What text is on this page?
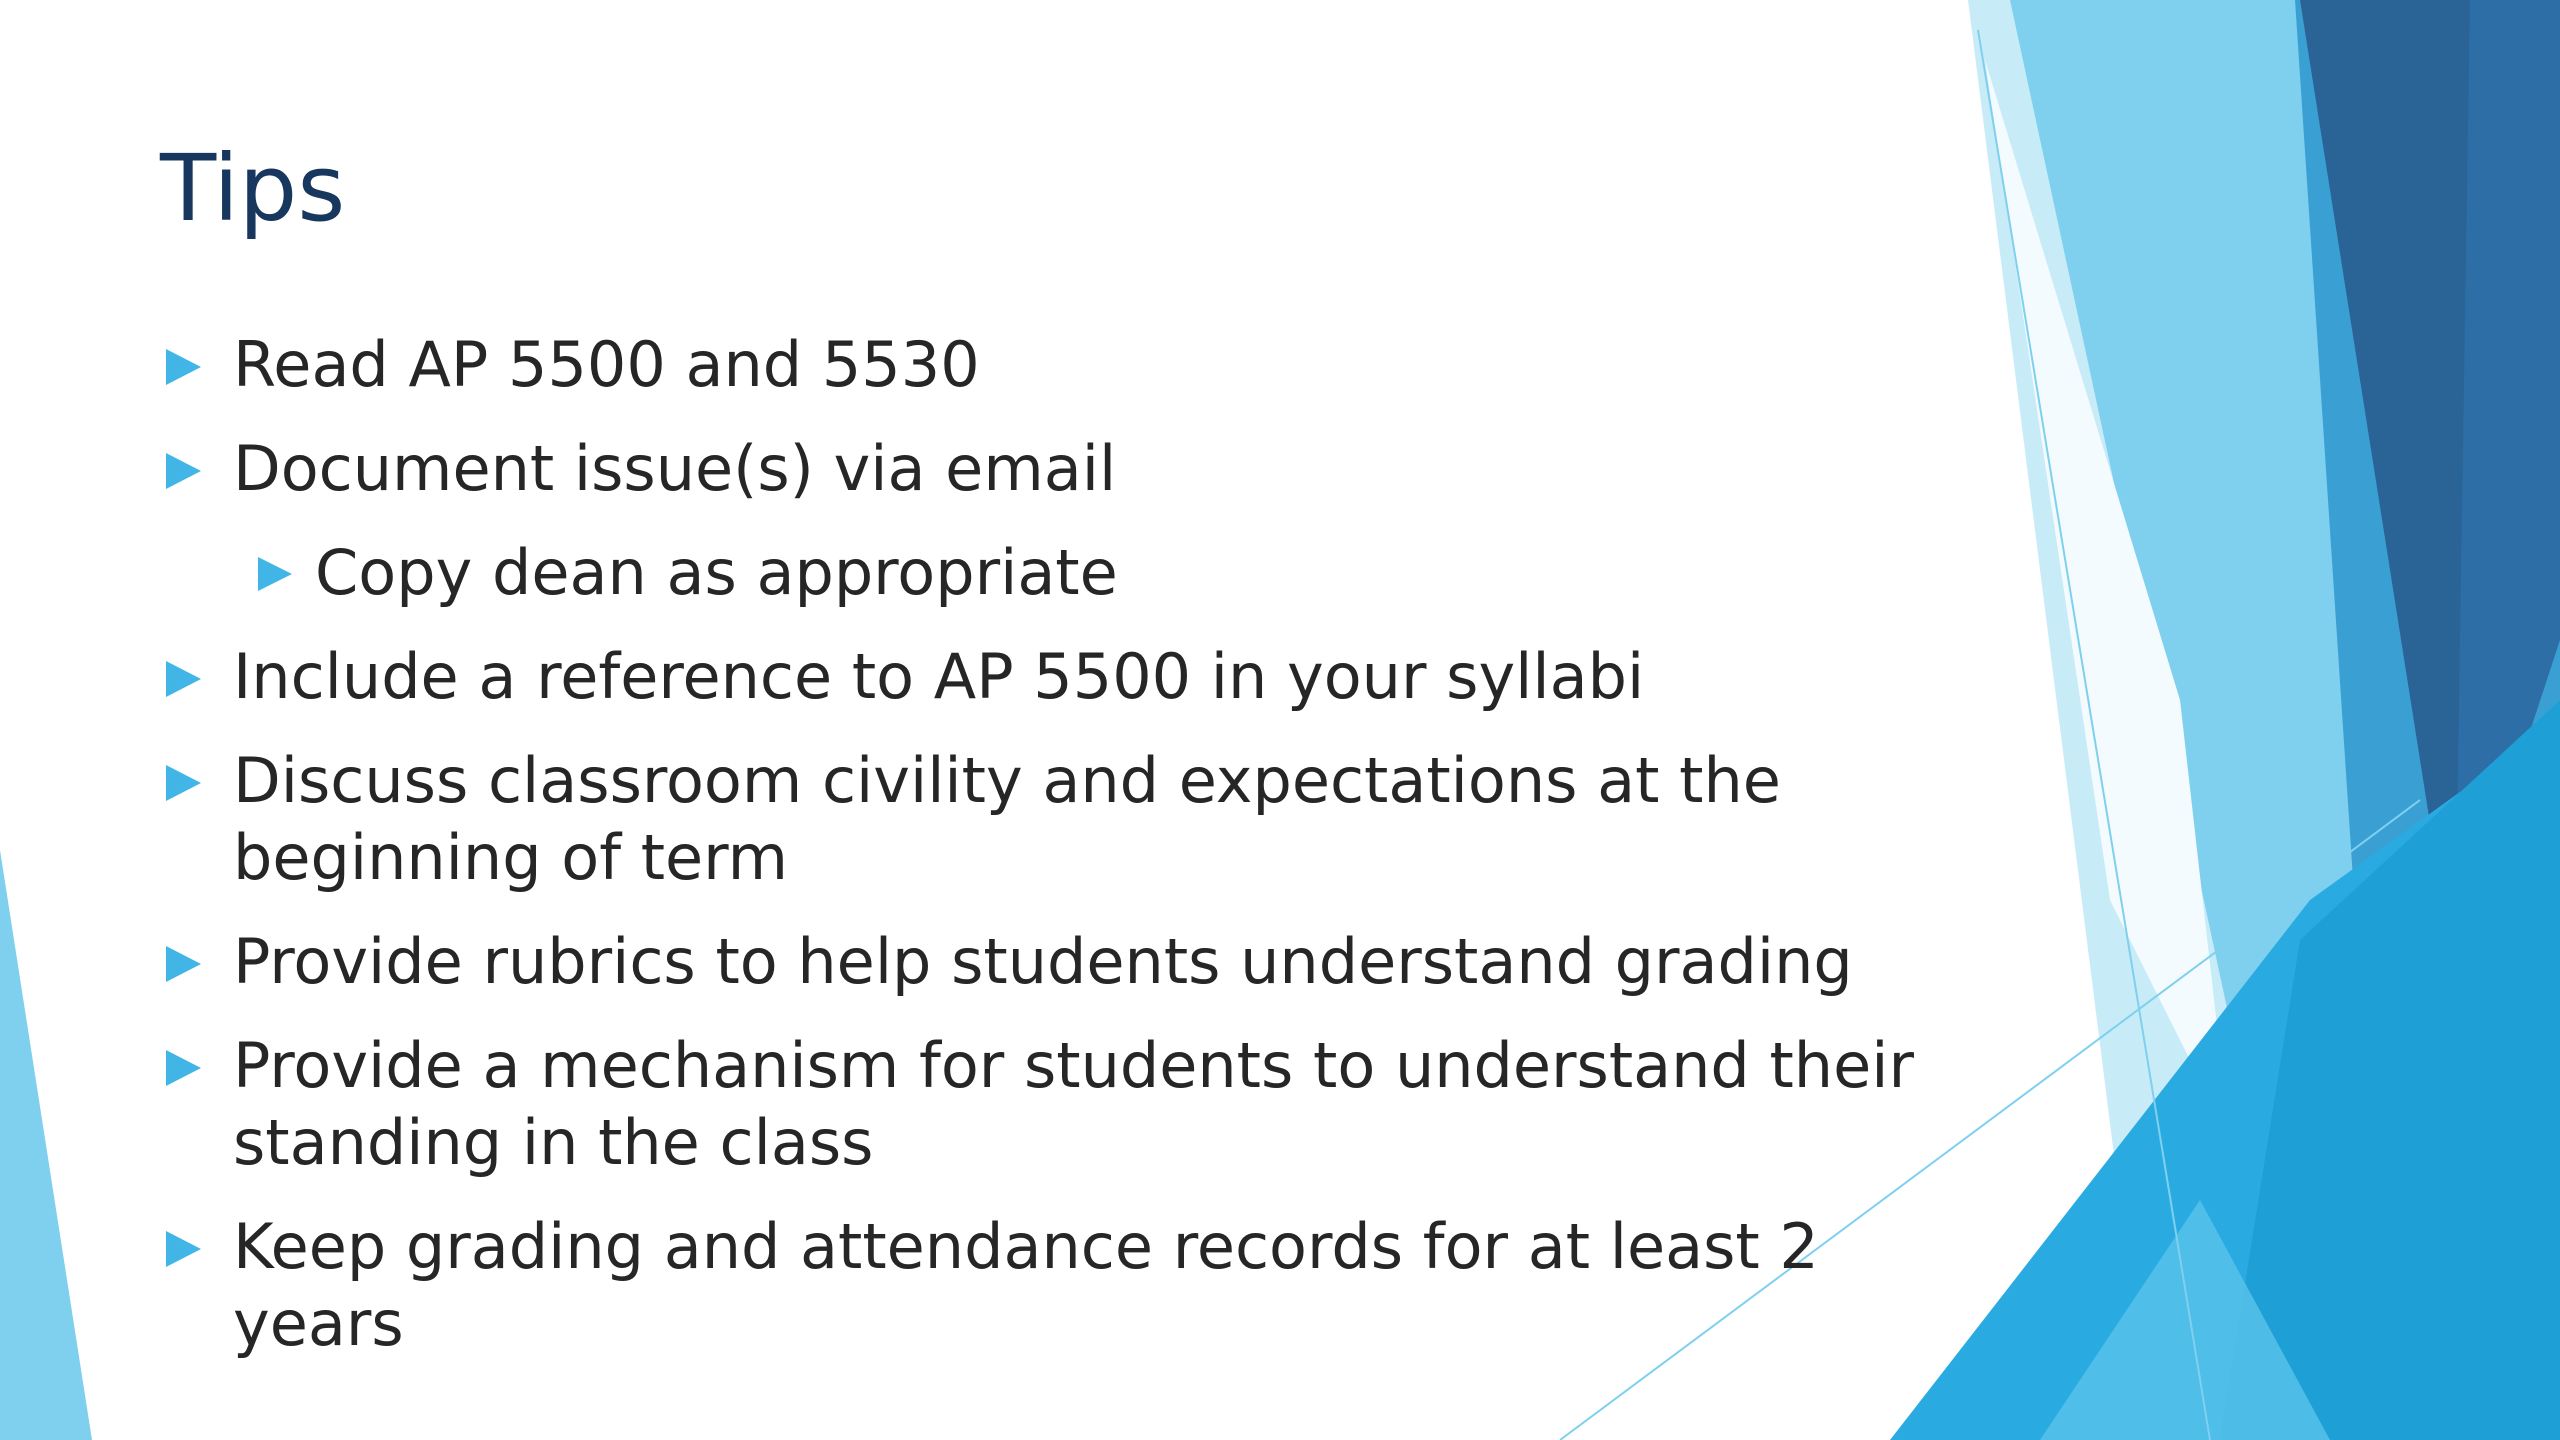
Tips
Read AP 5500 and 5530
Document issue(s) via email
Copy dean as appropriate
Include a reference to AP 5500 in your syllabi
Discuss classroom civility and expectations at the beginning of term
Provide rubrics to help students understand grading
Provide a mechanism for students to understand their standing in the class
Keep grading and attendance records for at least 2 years
